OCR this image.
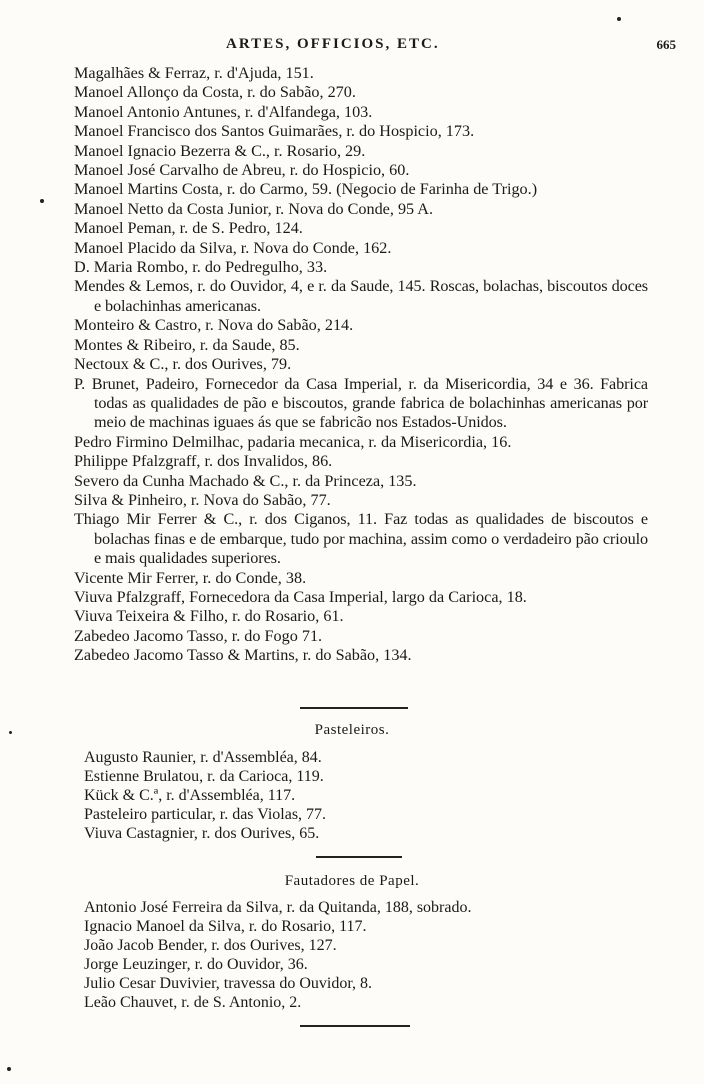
ARTES, OFFICIOS, ETC.	665

Magalhães & Ferraz, r. d'Ajuda, 151.

Manoel Allonço da Costa, r. do Sabão, 270.

Manoel Antonio Antunes, r. d'Alfandega, 103.

Manoel Francisco dos Santos Guimarães, r. do Hospicio, 173.

Manoel Ignacio Bezerra & C., r. Rosario, 29.

Manoel José Carvalho de Abreu, r. do Hospicio, 60.

Manoel Martins Costa, r. do Carmo, 59. (Negocio de Farinha de Trigo.)

Manoel Netto da Costa Junior, r. Nova do Conde, 95 A.

Manoel Peman, r. de S. Pedro, 124.

Manoel Placido da Silva, r. Nova do Conde, 162.

D. Maria Rombo, r. do Pedregulho, 33.

Mendes & Lemos, r. do Ouvidor, 4, e r. da Saude, 145. Roscas, bolachas, biscoutos doces e bolachinhas americanas.

Monteiro & Castro, r. Nova do Sabão, 214.

Montes & Ribeiro, r. da Saude, 85.

Nectoux & C., r. dos Ourives, 79.

P. Brunet, Padeiro, Fornecedor da Casa Imperial, r. da Misericordia, 34 e 36. Fabrica todas as qualidades de pão e biscoutos, grande fabrica de bolachinhas americanas por meio de machinas iguaes ás que se fabricão nos Estados-Unidos.

Pedro Firmino Delmilhac, padaria mecanica, r. da Misericordia, 16.

Philippe Pfalzgraff, r. dos Invalidos, 86.

Severo da Cunha Machado & C., r. da Princeza, 135.

Silva & Pinheiro, r. Nova do Sabão, 77.

Thiago Mir Ferrer & C., r. dos Ciganos, 11. Faz todas as qualidades de biscoutos e bolachas finas e de embarque, tudo por machina, assim como o verdadeiro pão crioulo e mais qualidades superiores.

Vicente Mir Ferrer, r. do Conde, 38.

Viuva Pfalzgraff, Fornecedora da Casa Imperial, largo da Carioca, 18.

Viuva Teixeira & Filho, r. do Rosario, 61.

Zabedeo Jacomo Tasso, r. do Fogo 71.

Zabedeo Jacomo Tasso & Martins, r. do Sabão, 134.

Pasteleiros.

Augusto Raunier, r. d'Assembléa, 84.

Estienne Brulatou, r. da Carioca, 119.

Kück & C.ª, r. d'Assembléa, 117.

Pasteleiro particular, r. das Violas, 77.

Viuva Castagnier, r. dos Ourives, 65.

Fautadores de Papel.

Antonio José Ferreira da Silva, r. da Quitanda, 188, sobrado.

Ignacio Manoel da Silva, r. do Rosario, 117.

João Jacob Bender, r. dos Ourives, 127.

Jorge Leuzinger, r. do Ouvidor, 36.

Julio Cesar Duvivier, travessa do Ouvidor, 8.

Leão Chauvet, r. de S. Antonio, 2.
